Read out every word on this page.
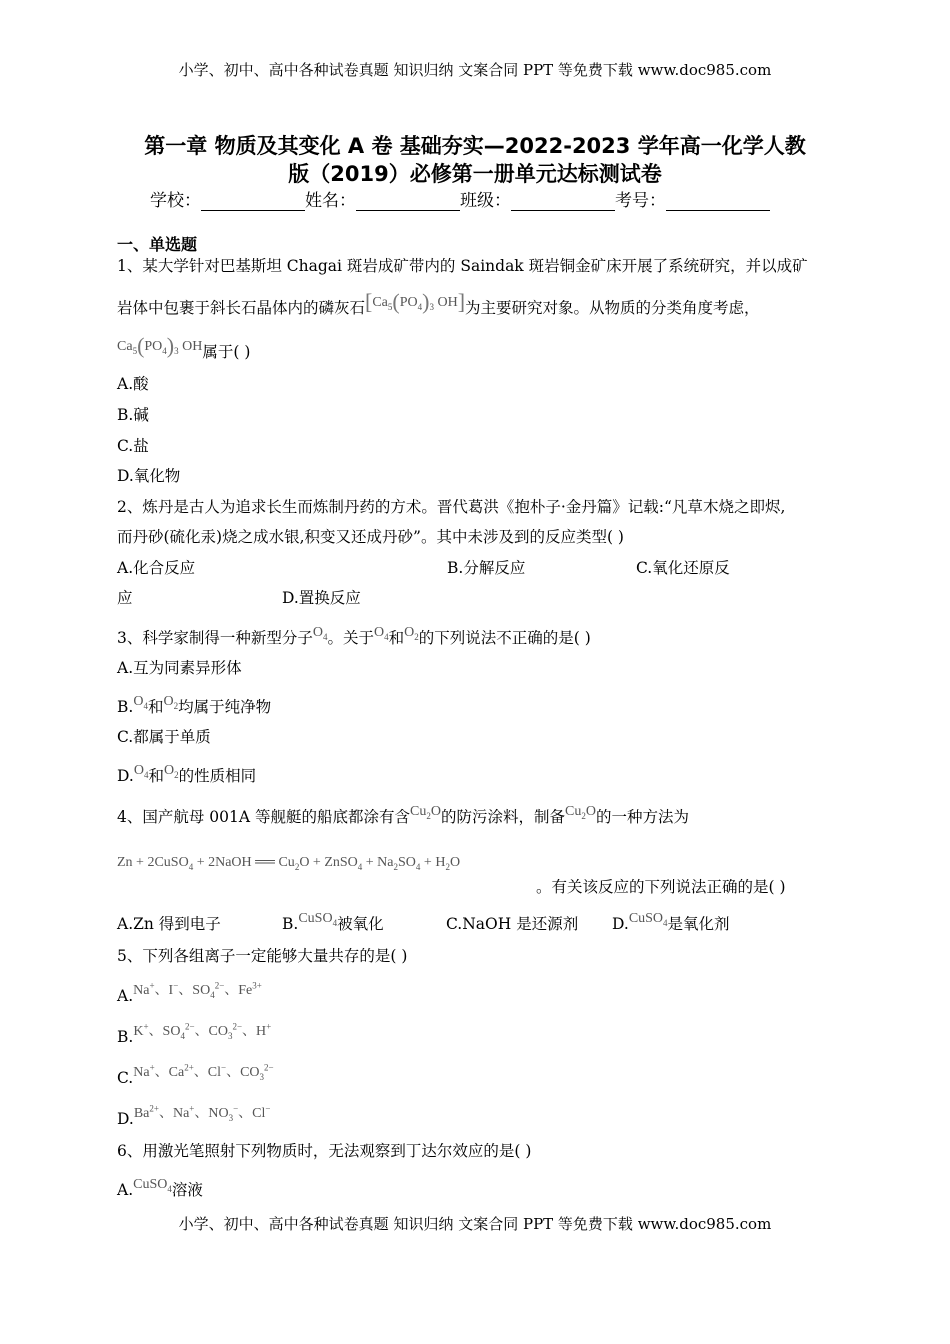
小学、初中、高中各种试卷真题 知识归纳 文案合同 PPT 等免费下载 www.doc985.com
第一章 物质及其变化 A 卷 基础夯实—2022-2023 学年高一化学人教
版（2019）必修第一册单元达标测试卷
学校：	姓名：	班级：	考号：
一、单选题
1、某大学针对巴基斯坦 Chagai 斑岩成矿带内的 Saindak 斑岩铜金矿床开展了系统研究，并以成矿
岩体中包裹于斜长石晶体内的磷灰石[$Ca_5(PO_4)_3$ OH]为主要研究对象。从物质的分类角度考虑，
$Ca_5(PO_4)_3$ OH属于( )
A.酸
B.碱
C.盐
D.氧化物
2、炼丹是古人为追求长生而炼制丹药的方术。晋代葛洪《抱朴子·金丹篇》记载:“凡草木烧之即烬,
而丹砂(硫化汞)烧之成水银,积变又还成丹砂”。其中未涉及到的反应类型( )
A.化合反应	B.分解反应	C.氧化还原反
应	D.置换反应
3、科学家制得一种新型分子$O_4$。关于$O_4$和$O_2$的下列说法不正确的是( )
A.互为同素异形体
$B.O_4$和$O_2$均属于纯净物
C.都属于单质
$D.O_4$和$O_2$的性质相同
4、国产航母 001A 等舰艇的船底都涂有含$Cu_2O$的防污涂料，制备$Cu_2O$的一种方法为
Zn + 2CuSO$_4$ + 2NaOH ══ $Cu_2O$ + ZnSO$_4$ + $Na_2SO_4 + H_2O$
。有关该反应的下列说法正确的是( )
A.Zn 得到电子	B.CuSO$_4$被氧化	C.NaOH 是还源剂 D.CuSO$_4$是氧化剂
5、下列各组离子一定能够大量共存的是( )
A.Na+、I−、$SO_4^{2-}$、$Fe^{3+}$
B.K+、$SO_4^{2-}$、$CO_3^{2-}$、H+
C.Na+、$Ca^{2+}$、Cl−、$CO_3^{2-}$
$D.Ba^{2+}$、Na+、$NO_3^-$、Cl−
6、用激光笔照射下列物质时，无法观察到丁达尔效应的是( )
A.CuSO$_4$溶液
小学、初中、高中各种试卷真题 知识归纳 文案合同 PPT 等免费下载 www.doc985.com
